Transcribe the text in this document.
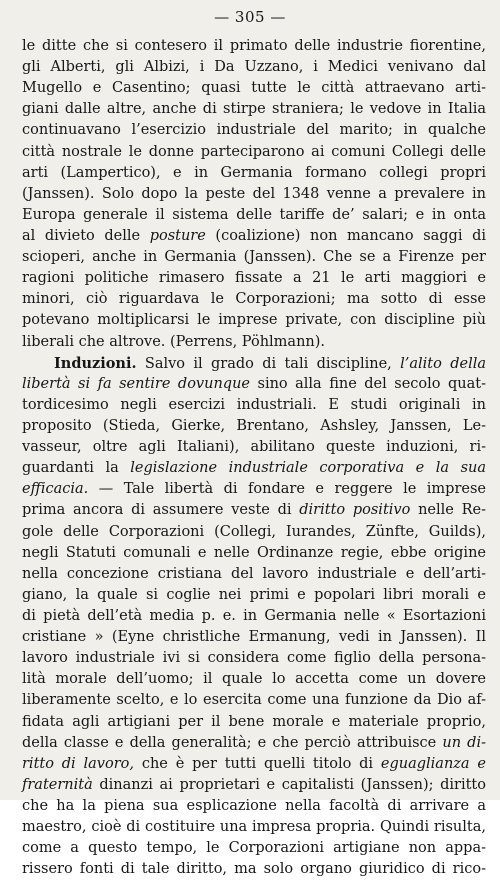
— 305 —
le ditte che si contesero il primato delle industrie fiorentine,
gli Alberti, gli Albizi, i Da Uzzano, i Medici venivano dal
Mugello e Casentino; quasi tutte le città attraevano arti-
giani dalle altre, anche di stirpe straniera; le vedove in Italia
continuavano l’esercizio industriale del marito; in qualche
città nostrale le donne parteciparono ai comuni Collegi delle
arti (Lampertico), e in Germania formano collegi propri
(Janssen). Solo dopo la peste del 1348 venne a prevalere in
Europa generale il sistema delle tariffe de’ salari; e in onta
al divieto delle posture (coalizione) non mancano saggi di
scioperi, anche in Germania (Janssen). Che se a Firenze per
ragioni politiche rimasero fissate a 21 le arti maggiori e
minori, ciò riguardava le Corporazioni; ma sotto di esse
potevano moltiplicarsi le imprese private, con discipline più
liberali che altrove. (Perrens, Pöhlmann).
Induzioni. Salvo il grado di tali discipline, l’alito della
libertà si fa sentire dovunque sino alla fine del secolo quat-
tordicesimo negli esercizi industriali. E studi originali in
proposito (Stieda, Gierke, Brentano, Ashsley, Janssen, Le-
vasseur, oltre agli Italiani), abilitano queste induzioni, ri-
guardanti la legislazione industriale corporativa e la sua
efficacia. — Tale libertà di fondare e reggere le imprese
prima ancora di assumere veste di diritto positivo nelle Re-
gole delle Corporazioni (Collegi, Iurandes, Zünfte, Guilds),
negli Statuti comunali e nelle Ordinanze regie, ebbe origine
nella concezione cristiana del lavoro industriale e dell’arti-
giano, la quale si coglie nei primi e popolari libri morali e
di pietà dell’età media p. e. in Germania nelle « Esortazioni
cristiane » (Eyne christliche Ermanung, vedi in Janssen). Il
lavoro industriale ivi si considera come figlio della persona-
lità morale dell’uomo; il quale lo accetta come un dovere
liberamente scelto, e lo esercita come una funzione da Dio af-
fidata agli artigiani per il bene morale e materiale proprio,
della classe e della generalità; e che perciò attribuisce un di-
ritto di lavoro, che è per tutti quelli titolo di eguaglianza e
fraternità dinanzi ai proprietari e capitalisti (Janssen); diritto
che ha la piena sua esplicazione nella facoltà di arrivare a
maestro, cioè di costituire una impresa propria. Quindi risulta,
come a questo tempo, le Corporazioni artigiane non appa-
rissero fonti di tale diritto, ma solo organo giuridico di rico-
